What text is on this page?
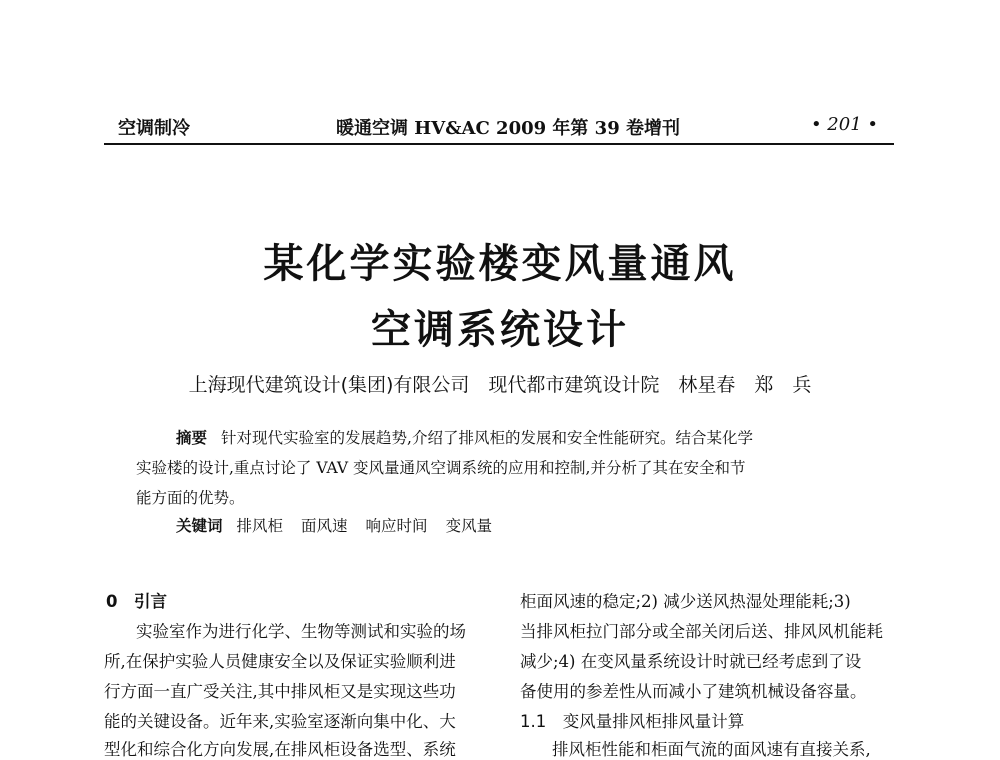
空调制冷	暖通空调 HV&AC 2009 年第 39 卷增刊	• 201 •
某化学实验楼变风量通风
空调系统设计
上海现代建筑设计(集团)有限公司　现代都市建筑设计院　林星春　郑　兵
摘要 针对现代实验室的发展趋势,介绍了排风柜的发展和安全性能研究。结合某化学
实验楼的设计,重点讨论了 VAV 变风量通风空调系统的应用和控制,并分析了其在安全和节
能方面的优势。
关键词 排风柜 面风速 响应时间 变风量
0　引言
实验室作为进行化学、生物等测试和实验的场
所,在保护实验人员健康安全以及保证实验顺利进
行方面一直广受关注,其中排风柜又是实现这些功
能的关键设备。近年来,实验室逐渐向集中化、大
型化和综合化方向发展,在排风柜设备选型、系统
柜面风速的稳定;2) 减少送风热湿处理能耗;3)
当排风柜拉门部分或全部关闭后送、排风风机能耗
减少;4) 在变风量系统设计时就已经考虑到了设
备使用的参差性从而减小了建筑机械设备容量。
1.1　变风量排风柜排风量计算
排风柜性能和柜面气流的面风速有直接关系,
